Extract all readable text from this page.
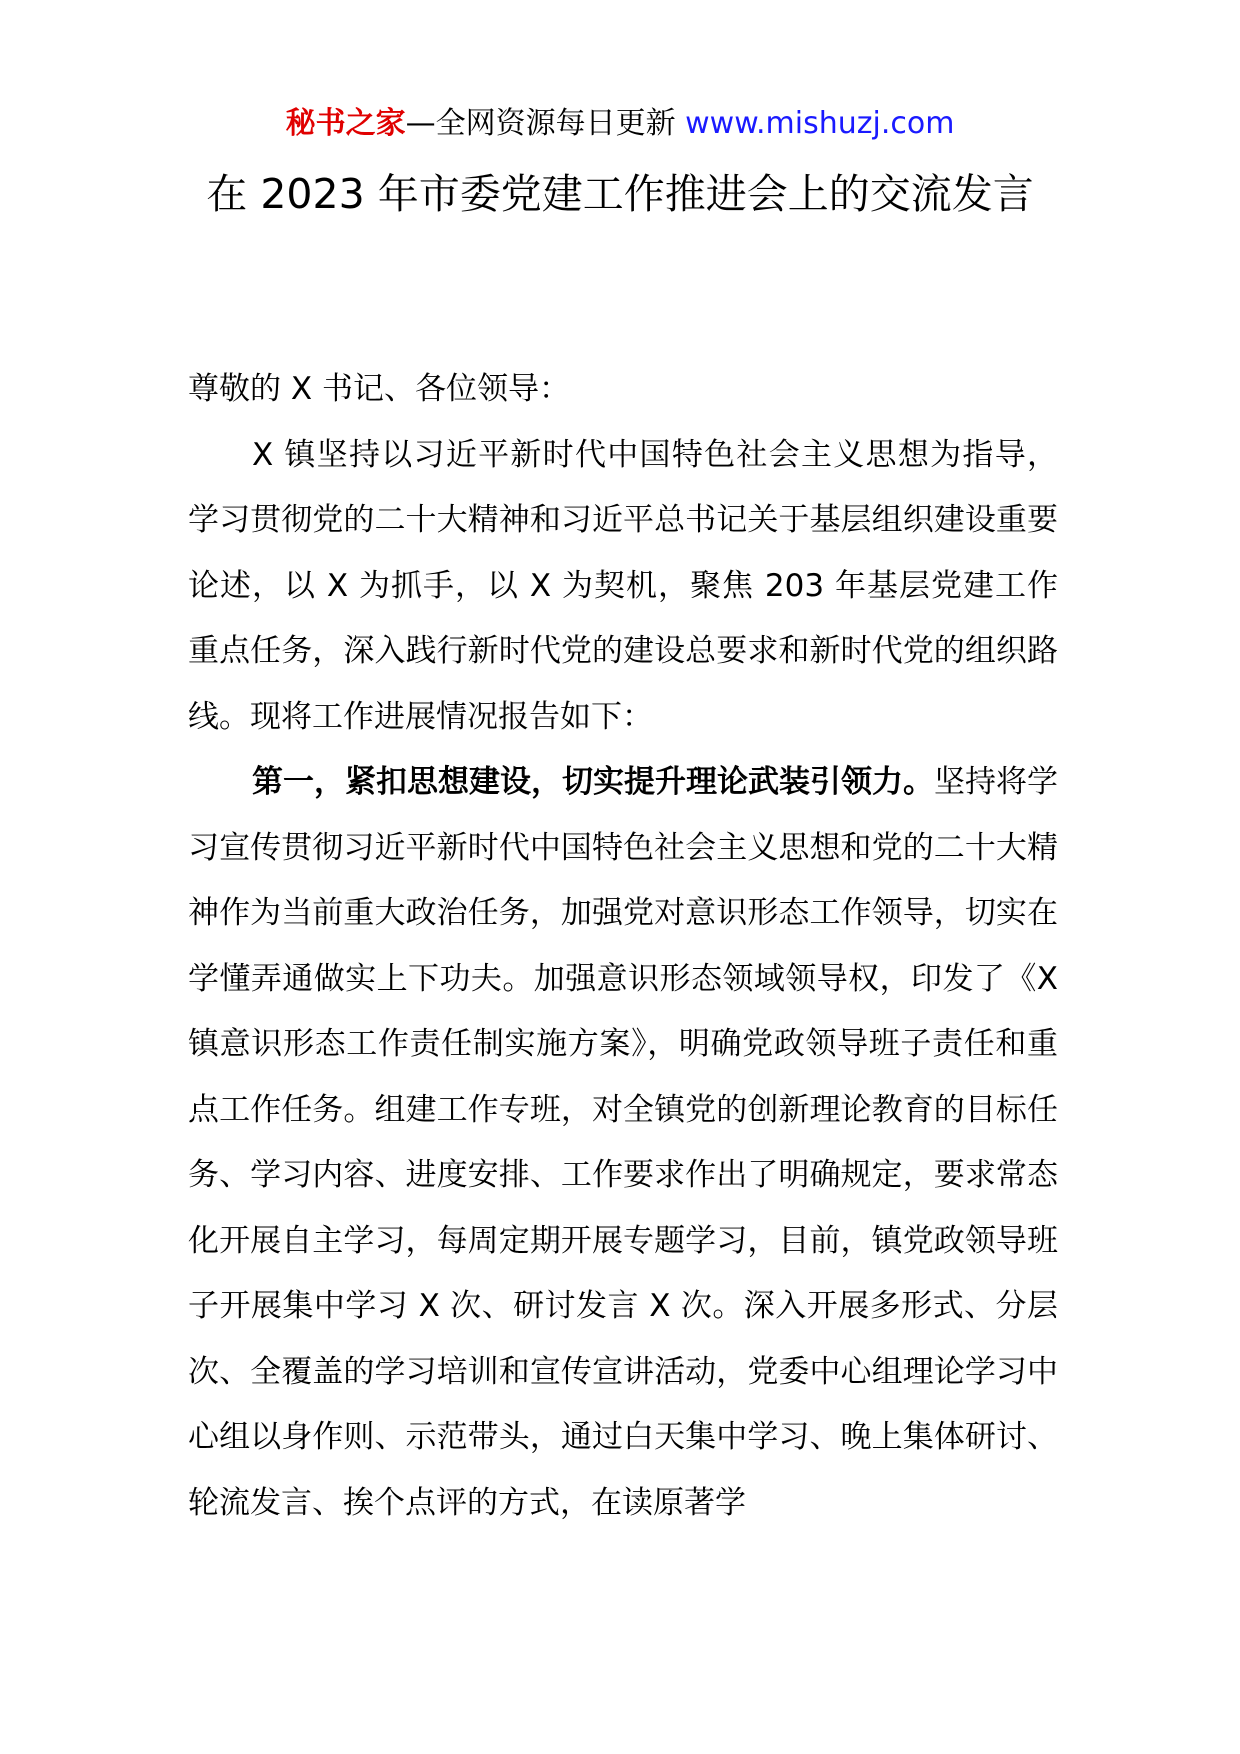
秘书之家—全网资源每日更新 www.mishuzj.com
在 2023 年市委党建工作推进会上的交流发言

尊敬的 X 书记、各位领导：

X 镇坚持以习近平新时代中国特色社会主义思想为指导，学习贯彻党的二十大精神和习近平总书记关于基层组织建设重要论述，以 X 为抓手，以 X 为契机，聚焦 203 年基层党建工作重点任务，深入践行新时代党的建设总要求和新时代党的组织路线。现将工作进展情况报告如下：

第一，紧扣思想建设，切实提升理论武装引领力。坚持将学习宣传贯彻习近平新时代中国特色社会主义思想和党的二十大精神作为当前重大政治任务，加强党对意识形态工作领导，切实在学懂弄通做实上下功夫。加强意识形态领域领导权，印发了《X 镇意识形态工作责任制实施方案》，明确党政领导班子责任和重点工作任务。组建工作专班，对全镇党的创新理论教育的目标任务、学习内容、进度安排、工作要求作出了明确规定，要求常态化开展自主学习，每周定期开展专题学习，目前，镇党政领导班子开展集中学习 X 次、研讨发言 X 次。深入开展多形式、分层次、全覆盖的学习培训和宣传宣讲活动，党委中心组理论学习中心组以身作则、示范带头，通过白天集中学习、晚上集体研讨、轮流发言、挨个点评的方式，在读原著学
